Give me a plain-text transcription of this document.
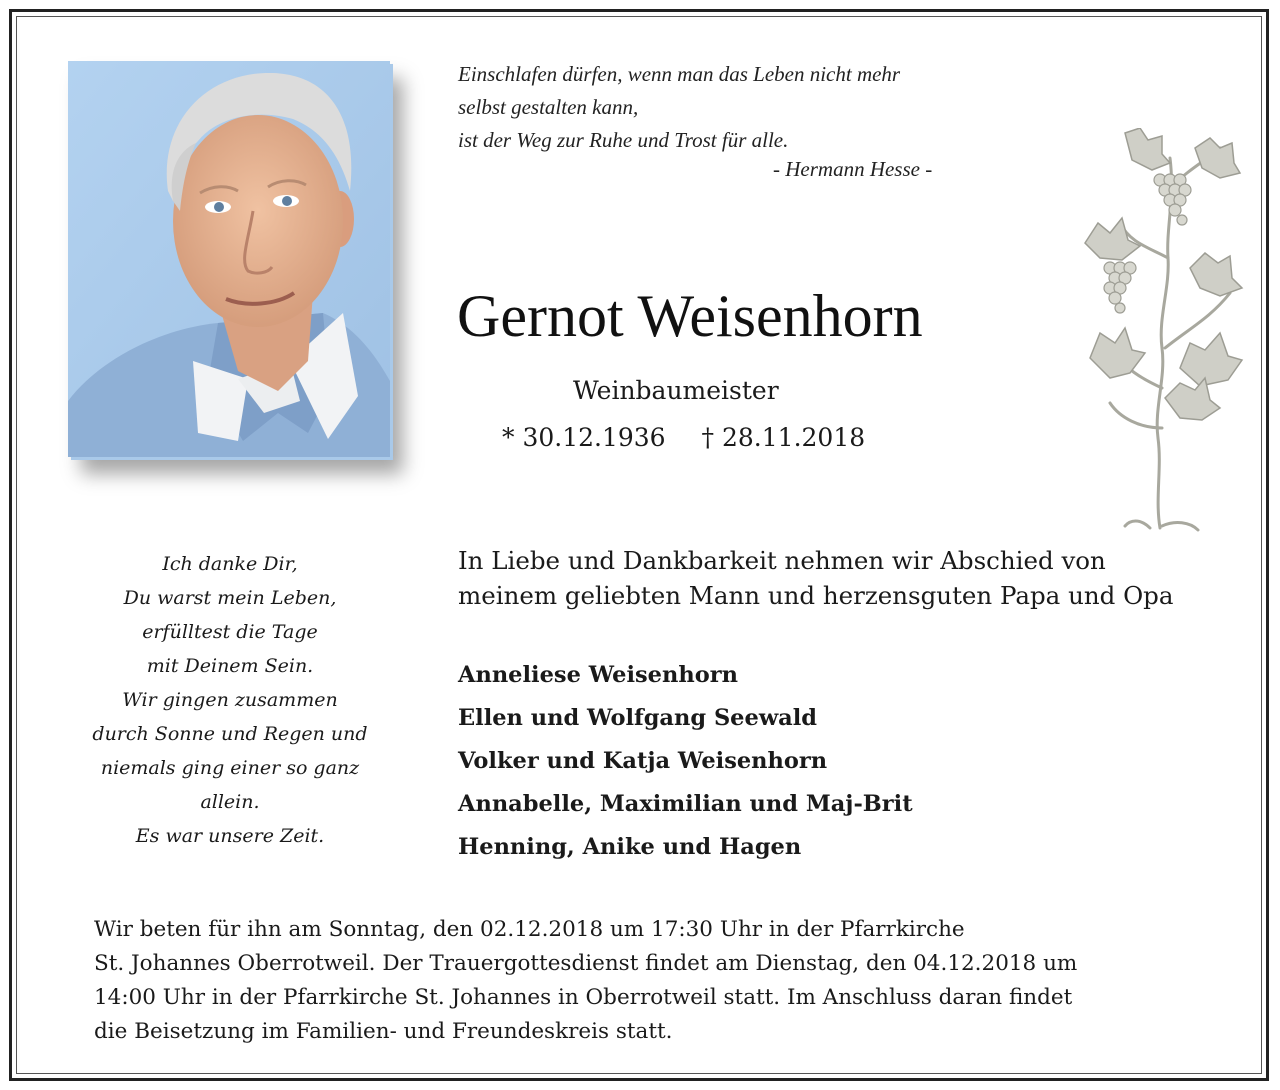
Einschlafen dürfen, wenn man das Leben nicht mehr
selbst gestalten kann,
ist der Weg zur Ruhe und Trost für alle.
- Hermann Hesse -
Gernot Weisenhorn
Weinbaumeister
* 30.12.1936 † 28.11.2018
Ich danke Dir,
Du warst mein Leben,
erfülltest die Tage
mit Deinem Sein.
Wir gingen zusammen
durch Sonne und Regen und
niemals ging einer so ganz
allein.
Es war unsere Zeit.
In Liebe und Dankbarkeit nehmen wir Abschied von
meinem geliebten Mann und herzensguten Papa und Opa
Anneliese Weisenhorn
Ellen und Wolfgang Seewald
Volker und Katja Weisenhorn
Annabelle, Maximilian und Maj-Brit
Henning, Anike und Hagen
Wir beten für ihn am Sonntag, den 02.12.2018 um 17:30 Uhr in der Pfarrkirche
St. Johannes Oberrotweil. Der Trauergottesdienst findet am Dienstag, den 04.12.2018 um
14:00 Uhr in der Pfarrkirche St. Johannes in Oberrotweil statt. Im Anschluss daran findet
die Beisetzung im Familien- und Freundeskreis statt.
